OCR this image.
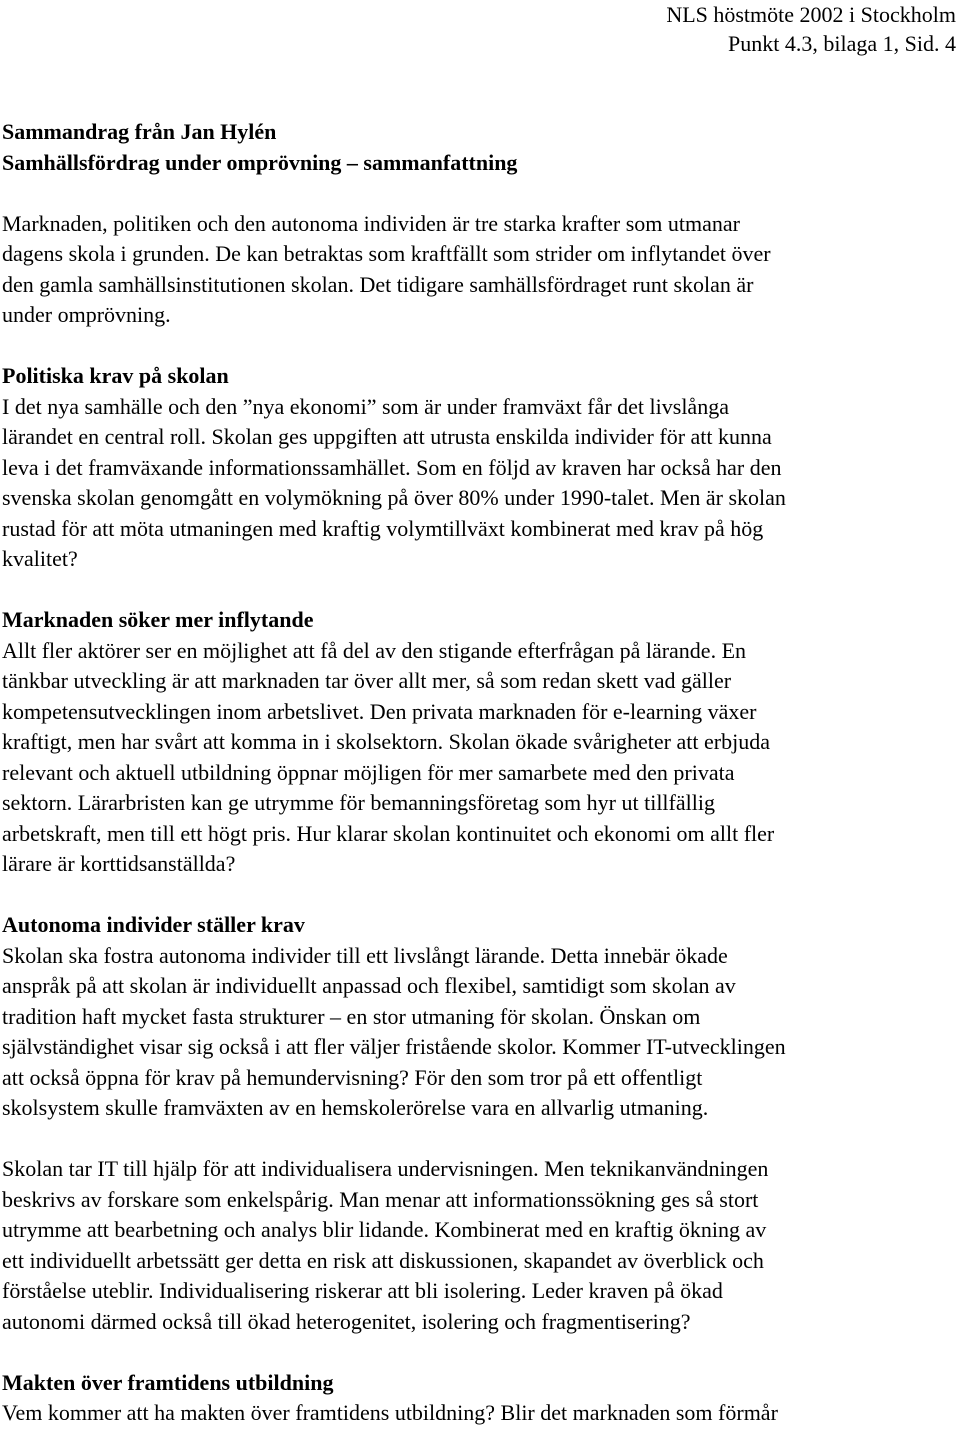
NLS höstmöte 2002 i Stockholm
Punkt 4.3, bilaga 1, Sid. 4
Sammandrag från Jan Hylén
Samhällsfördrag under omprövning – sammanfattning
Marknaden, politiken och den autonoma individen är tre starka krafter som utmanar
dagens skola i grunden. De kan betraktas som kraftfällt som strider om inflytandet över
den gamla samhällsinstitutionen skolan. Det tidigare samhällsfördraget runt skolan är
under omprövning.
Politiska krav på skolan
I det nya samhälle och den ”nya ekonomi” som är under framväxt får det livslånga
lärandet en central roll. Skolan ges uppgiften att utrusta enskilda individer för att kunna
leva i det framväxande informationssamhället. Som en följd av kraven har också har den
svenska skolan genomgått en volymökning på över 80% under 1990-talet. Men är skolan
rustad för att möta utmaningen med kraftig volymtillväxt kombinerat med krav på hög
kvalitet?
Marknaden söker mer inflytande
Allt fler aktörer ser en möjlighet att få del av den stigande efterfrågan på lärande. En
tänkbar utveckling är att marknaden tar över allt mer, så som redan skett vad gäller
kompetensutvecklingen inom arbetslivet. Den privata marknaden för e-learning växer
kraftigt, men har svårt att komma in i skolsektorn. Skolan ökade svårigheter att erbjuda
relevant och aktuell utbildning öppnar möjligen för mer samarbete med den privata
sektorn. Lärarbristen kan ge utrymme för bemanningsföretag som hyr ut tillfällig
arbetskraft, men till ett högt pris. Hur klarar skolan kontinuitet och ekonomi om allt fler
lärare är korttidsanställda?
Autonoma individer ställer krav
Skolan ska fostra autonoma individer till ett livslångt lärande. Detta innebär ökade
anspråk på att skolan är individuellt anpassad och flexibel, samtidigt som skolan av
tradition haft mycket fasta strukturer – en stor utmaning för skolan. Önskan om
självständighet visar sig också i att fler väljer fristående skolor. Kommer IT-utvecklingen
att också öppna för krav på hemundervisning? För den som tror på ett offentligt
skolsystem skulle framväxten av en hemskolerörelse vara en allvarlig utmaning.
Skolan tar IT till hjälp för att individualisera undervisningen. Men teknikanvändningen
beskrivs av forskare som enkelspårig. Man menar att informationssökning ges så stort
utrymme att bearbetning och analys blir lidande. Kombinerat med en kraftig ökning av
ett individuellt arbetssätt ger detta en risk att diskussionen, skapandet av överblick och
förståelse uteblir. Individualisering riskerar att bli isolering. Leder kraven på ökad
autonomi därmed också till ökad heterogenitet, isolering och fragmentisering?
Makten över framtidens utbildning
Vem kommer att ha makten över framtidens utbildning? Blir det marknaden som förmår
